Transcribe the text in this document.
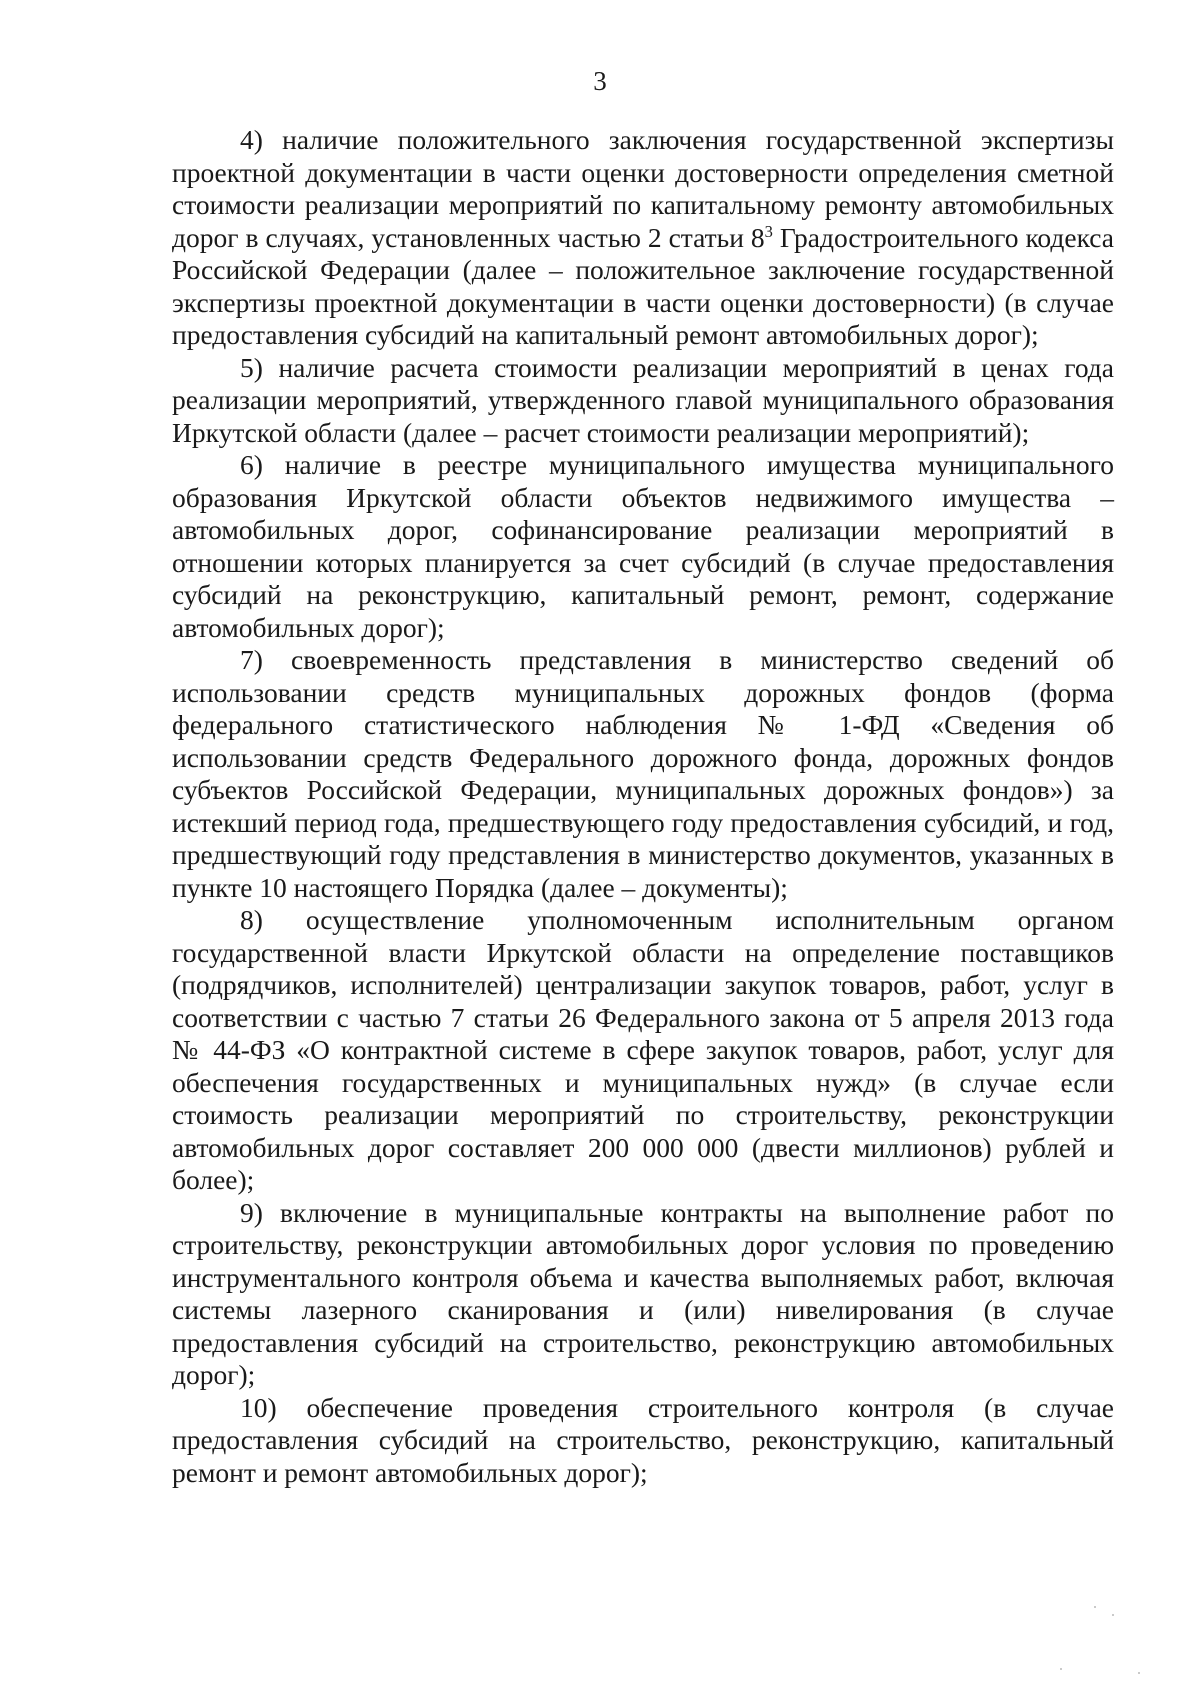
3

4) наличие положительного заключения государственной экспертизы проектной документации в части оценки достоверности определения сметной стоимости реализации мероприятий по капитальному ремонту автомобильных дорог в случаях, установленных частью 2 статьи $8^3$ Градостроительного кодекса Российской Федерации (далее – положительное заключение государственной экспертизы проектной документации в части оценки достоверности) (в случае предоставления субсидий на капитальный ремонт автомобильных дорог);

5) наличие расчета стоимости реализации мероприятий в ценах года реализации мероприятий, утвержденного главой муниципального образования Иркутской области (далее – расчет стоимости реализации мероприятий);

6) наличие в реестре муниципального имущества муниципального образования Иркутской области объектов недвижимого имущества – автомобильных дорог, софинансирование реализации мероприятий в отношении которых планируется за счет субсидий (в случае предоставления субсидий на реконструкцию, капитальный ремонт, ремонт, содержание автомобильных дорог);

7) своевременность представления в министерство сведений об использовании средств муниципальных дорожных фондов (форма федерального статистического наблюдения № 1-ФД «Сведения об использовании средств Федерального дорожного фонда, дорожных фондов субъектов Российской Федерации, муниципальных дорожных фондов») за истекший период года, предшествующего году предоставления субсидий, и год, предшествующий году представления в министерство документов, указанных в пункте 10 настоящего Порядка (далее – документы);

8) осуществление уполномоченным исполнительным органом государственной власти Иркутской области на определение поставщиков (подрядчиков, исполнителей) централизации закупок товаров, работ, услуг в соответствии с частью 7 статьи 26 Федерального закона от 5 апреля 2013 года № 44-ФЗ «О контрактной системе в сфере закупок товаров, работ, услуг для обеспечения государственных и муниципальных нужд» (в случае если стоимость реализации мероприятий по строительству, реконструкции автомобильных дорог составляет 200 000 000 (двести миллионов) рублей и более);

9) включение в муниципальные контракты на выполнение работ по строительству, реконструкции автомобильных дорог условия по проведению инструментального контроля объема и качества выполняемых работ, включая системы лазерного сканирования и (или) нивелирования (в случае предоставления субсидий на строительство, реконструкцию автомобильных дорог);

10) обеспечение проведения строительного контроля (в случае предоставления субсидий на строительство, реконструкцию, капитальный ремонт и ремонт автомобильных дорог);
